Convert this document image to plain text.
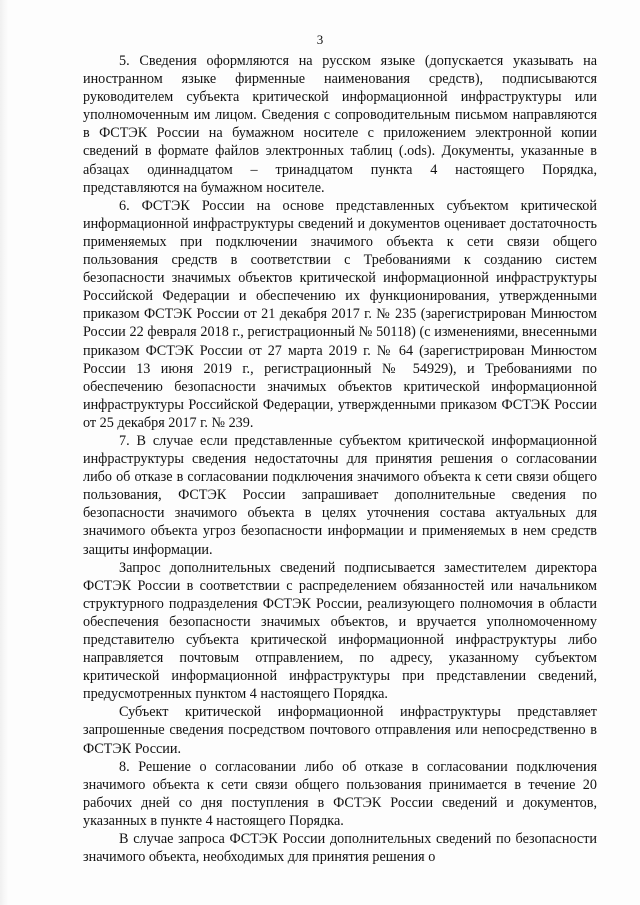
3

5. Сведения оформляются на русском языке (допускается указывать на иностранном языке фирменные наименования средств), подписываются руководителем субъекта критической информационной инфраструктуры или уполномоченным им лицом. Сведения с сопроводительным письмом направляются в ФСТЭК России на бумажном носителе с приложением электронной копии сведений в формате файлов электронных таблиц (.ods). Документы, указанные в абзацах одиннадцатом – тринадцатом пункта 4 настоящего Порядка, представляются на бумажном носителе.

6. ФСТЭК России на основе представленных субъектом критической информационной инфраструктуры сведений и документов оценивает достаточность применяемых при подключении значимого объекта к сети связи общего пользования средств в соответствии с Требованиями к созданию систем безопасности значимых объектов критической информационной инфраструктуры Российской Федерации и обеспечению их функционирования, утвержденными приказом ФСТЭК России от 21 декабря 2017 г. № 235 (зарегистрирован Минюстом России 22 февраля 2018 г., регистрационный № 50118) (с изменениями, внесенными приказом ФСТЭК России от 27 марта 2019 г. № 64 (зарегистрирован Минюстом России 13 июня 2019 г., регистрационный № 54929), и Требованиями по обеспечению безопасности значимых объектов критической информационной инфраструктуры Российской Федерации, утвержденными приказом ФСТЭК России от 25 декабря 2017 г. № 239.

7. В случае если представленные субъектом критической информационной инфраструктуры сведения недостаточны для принятия решения о согласовании либо об отказе в согласовании подключения значимого объекта к сети связи общего пользования, ФСТЭК России запрашивает дополнительные сведения по безопасности значимого объекта в целях уточнения состава актуальных для значимого объекта угроз безопасности информации и применяемых в нем средств защиты информации.

Запрос дополнительных сведений подписывается заместителем директора ФСТЭК России в соответствии с распределением обязанностей или начальником структурного подразделения ФСТЭК России, реализующего полномочия в области обеспечения безопасности значимых объектов, и вручается уполномоченному представителю субъекта критической информационной инфраструктуры либо направляется почтовым отправлением, по адресу, указанному субъектом критической информационной инфраструктуры при представлении сведений, предусмотренных пунктом 4 настоящего Порядка.

Субъект критической информационной инфраструктуры представляет запрошенные сведения посредством почтового отправления или непосредственно в ФСТЭК России.

8. Решение о согласовании либо об отказе в согласовании подключения значимого объекта к сети связи общего пользования принимается в течение 20 рабочих дней со дня поступления в ФСТЭК России сведений и документов, указанных в пункте 4 настоящего Порядка.

В случае запроса ФСТЭК России дополнительных сведений по безопасности значимого объекта, необходимых для принятия решения о
